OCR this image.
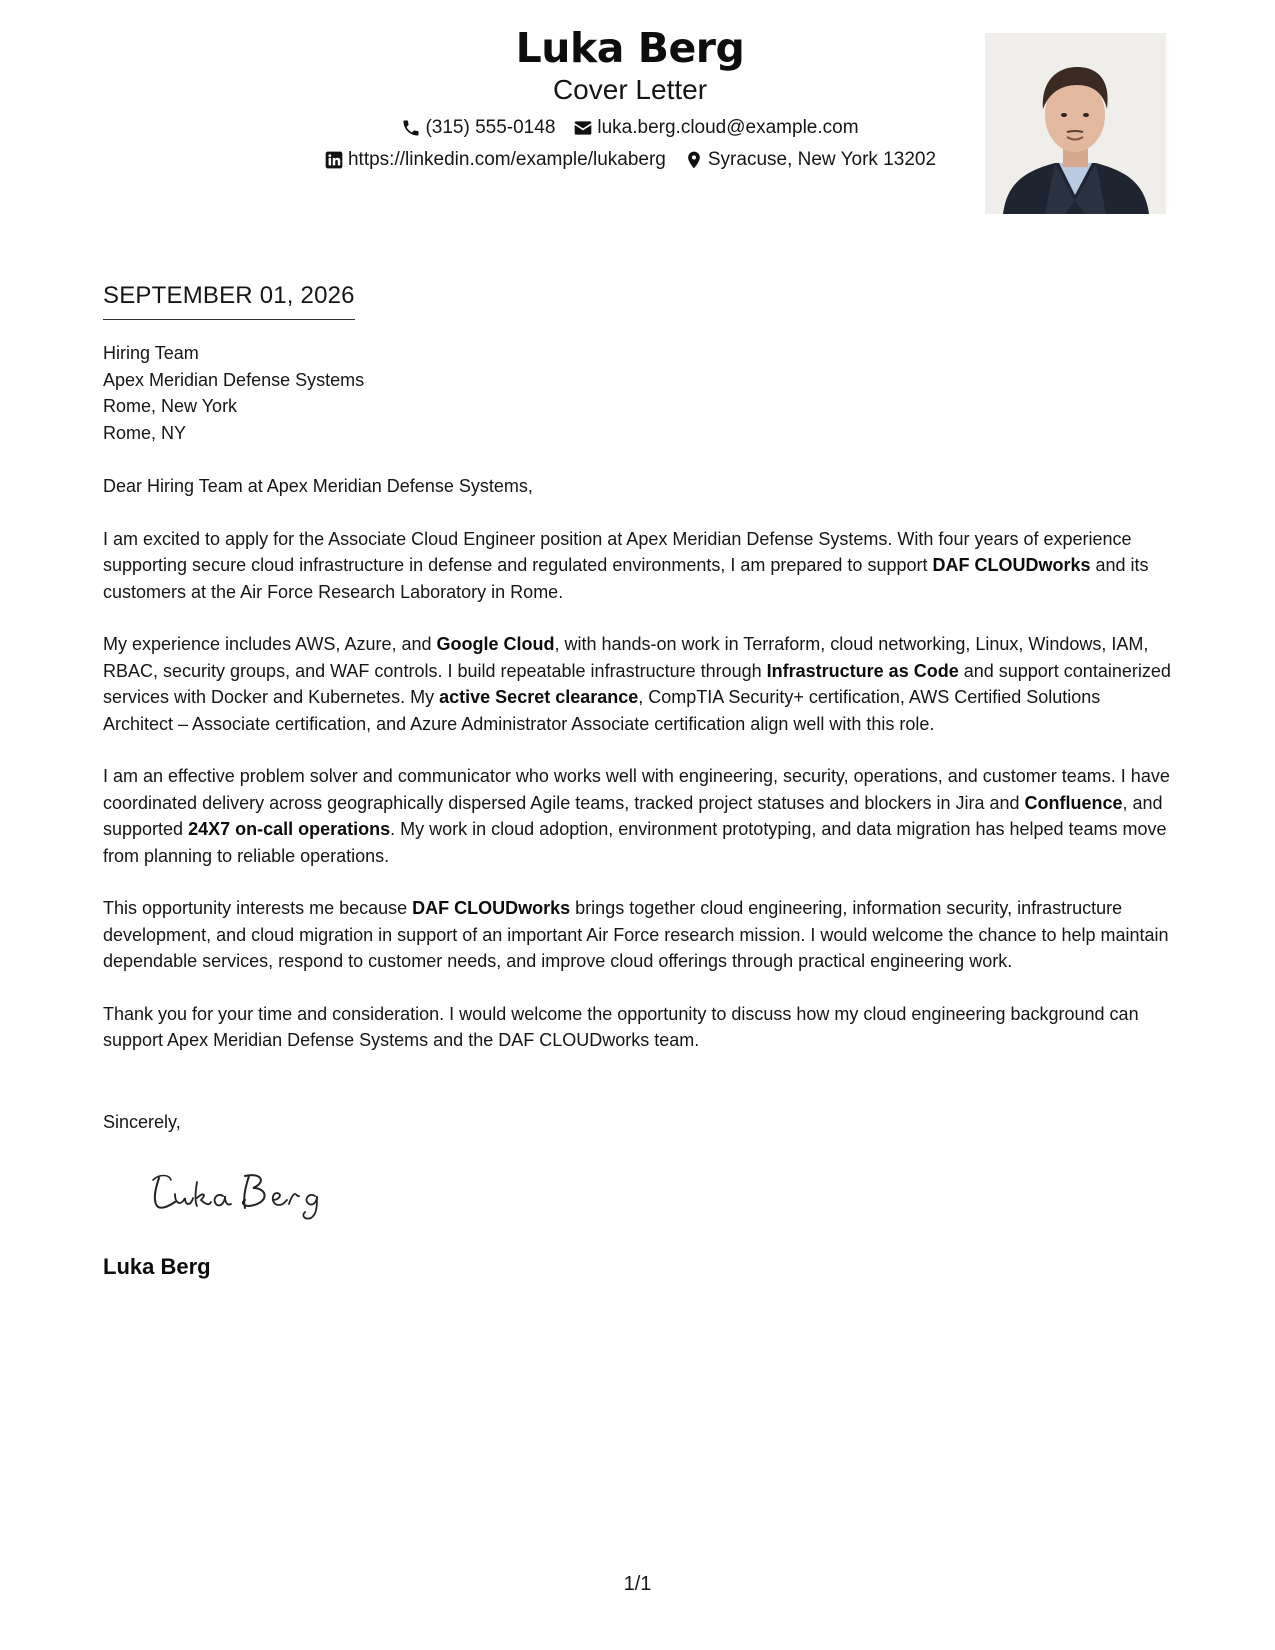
Luka Berg
Cover Letter
(315) 555-0148 luka.berg.cloud@example.com
https://linkedin.com/example/lukaberg Syracuse, New York 13202
SEPTEMBER 01, 2026
Hiring Team
Apex Meridian Defense Systems
Rome, New York
Rome, NY
Dear Hiring Team at Apex Meridian Defense Systems,
I am excited to apply for the Associate Cloud Engineer position at Apex Meridian Defense Systems. With four years of experience supporting secure cloud infrastructure in defense and regulated environments, I am prepared to support DAF CLOUDworks and its customers at the Air Force Research Laboratory in Rome.
My experience includes AWS, Azure, and Google Cloud, with hands-on work in Terraform, cloud networking, Linux, Windows, IAM, RBAC, security groups, and WAF controls. I build repeatable infrastructure through Infrastructure as Code and support containerized services with Docker and Kubernetes. My active Secret clearance, CompTIA Security+ certification, AWS Certified Solutions Architect – Associate certification, and Azure Administrator Associate certification align well with this role.
I am an effective problem solver and communicator who works well with engineering, security, operations, and customer teams. I have coordinated delivery across geographically dispersed Agile teams, tracked project statuses and blockers in Jira and Confluence, and supported 24X7 on-call operations. My work in cloud adoption, environment prototyping, and data migration has helped teams move from planning to reliable operations.
This opportunity interests me because DAF CLOUDworks brings together cloud engineering, information security, infrastructure development, and cloud migration in support of an important Air Force research mission. I would welcome the chance to help maintain dependable services, respond to customer needs, and improve cloud offerings through practical engineering work.
Thank you for your time and consideration. I would welcome the opportunity to discuss how my cloud engineering background can support Apex Meridian Defense Systems and the DAF CLOUDworks team.
Sincerely,
Luka Berg
1/1
